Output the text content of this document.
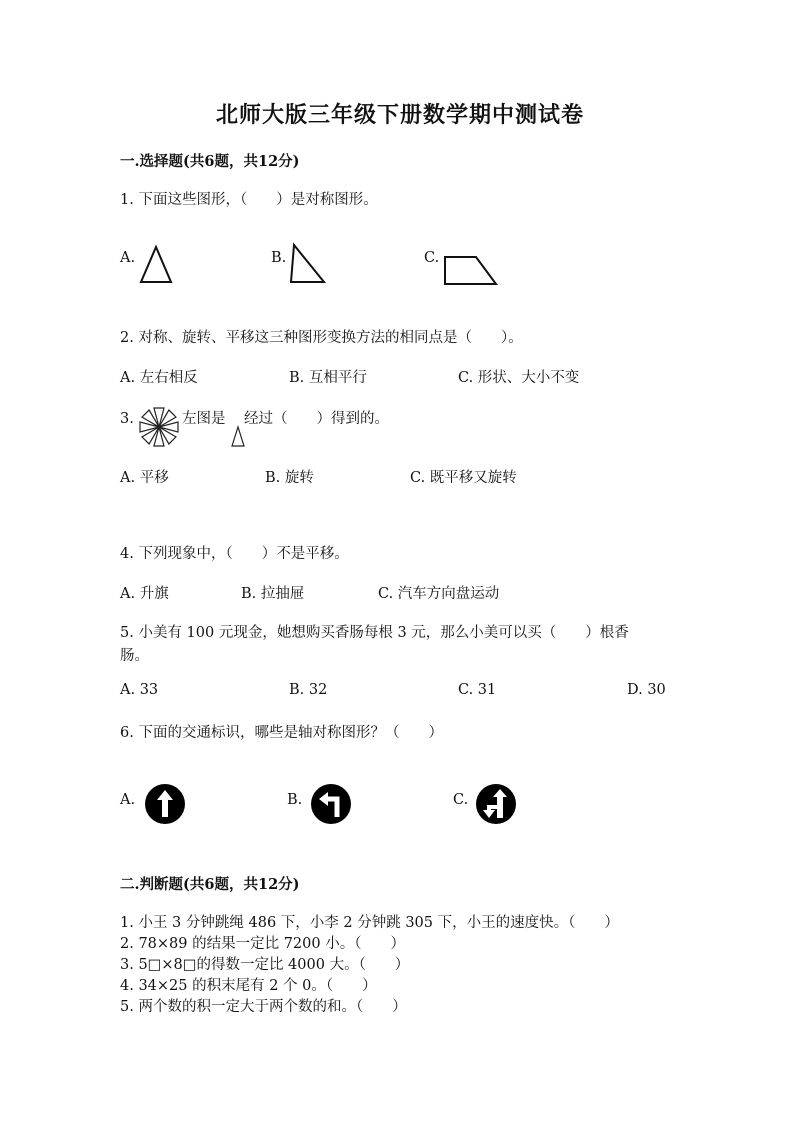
北师大版三年级下册数学期中测试卷
一.选择题(共6题，共12分)
1. 下面这些图形，（　　）是对称图形。
A.	B.	C.
2. 对称、旋转、平移这三种图形变换方法的相同点是（　　）。
A. 左右相反	B. 互相平行	C. 形状、大小不变
3.	左图是 经过（　　）得到的。
A. 平移	B. 旋转	C. 既平移又旋转
4. 下列现象中，（　　）不是平移。
A. 升旗	B. 拉抽屉	C. 汽车方向盘运动
5. 小美有 100 元现金，她想购买香肠每根 3 元，那么小美可以买（　　）根香
肠。
A. 33	B. 32	C. 31	D. 30
6. 下面的交通标识，哪些是轴对称图形？（　　）
A.	B.	C.
二.判断题(共6题，共12分)
1. 小王 3 分钟跳绳 486 下，小李 2 分钟跳 305 下，小王的速度快。（　　）
2. 78×89 的结果一定比 7200 小。（　　）
3. 5□×8□的得数一定比 4000 大。（　　）
4. 34×25 的积末尾有 2 个 0。（　　）
5. 两个数的积一定大于两个数的和。（　　）
